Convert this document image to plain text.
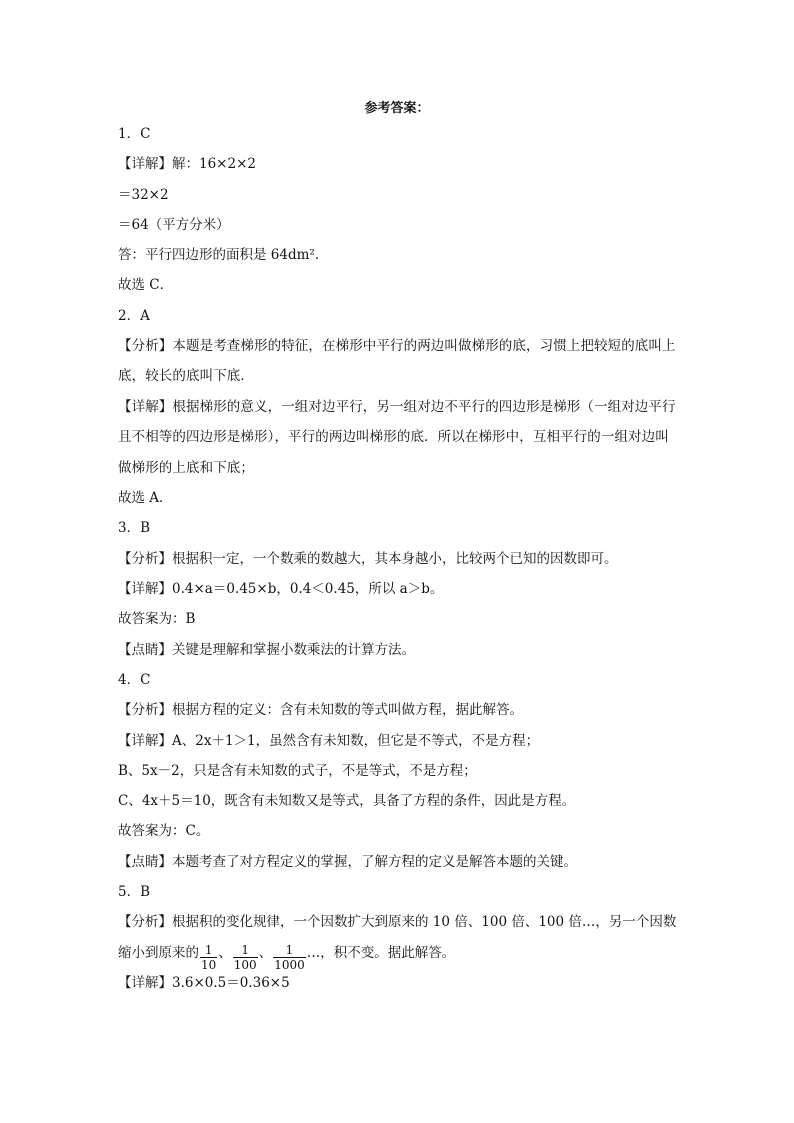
参考答案：
1．C
【详解】解：16×2×2
＝32×2
＝64（平方分米）
答：平行四边形的面积是 64dm²．
故选 C．
2．A
【分析】本题是考查梯形的特征，在梯形中平行的两边叫做梯形的底，习惯上把较短的底叫上底，较长的底叫下底．
【详解】根据梯形的意义，一组对边平行，另一组对边不平行的四边形是梯形（一组对边平行且不相等的四边形是梯形），平行的两边叫梯形的底．所以在梯形中，互相平行的一组对边叫做梯形的上底和下底；
故选 A．
3．B
【分析】根据积一定，一个数乘的数越大，其本身越小，比较两个已知的因数即可。
【详解】0.4×a＝0.45×b，0.4＜0.45，所以 a＞b。
故答案为：B
【点睛】关键是理解和掌握小数乘法的计算方法。
4．C
【分析】根据方程的定义：含有未知数的等式叫做方程，据此解答。
【详解】A、2x＋1＞1，虽然含有未知数，但它是不等式，不是方程；
B、5x－2，只是含有未知数的式子，不是等式，不是方程；
C、4x＋5＝10，既含有未知数又是等式，具备了方程的条件，因此是方程。
故答案为：C。
【点睛】本题考查了对方程定义的掌握，了解方程的定义是解答本题的关键。
5．B
【分析】根据积的变化规律，一个因数扩大到原来的 10 倍、100 倍、100 倍…，另一个因数
缩小到原来的 $\frac{1}{10}$ 、 $\frac{1}{100}$ 、 $\frac{1}{1000}$ …，积不变。据此解答。
【详解】3.6×0.5＝0.36×5
